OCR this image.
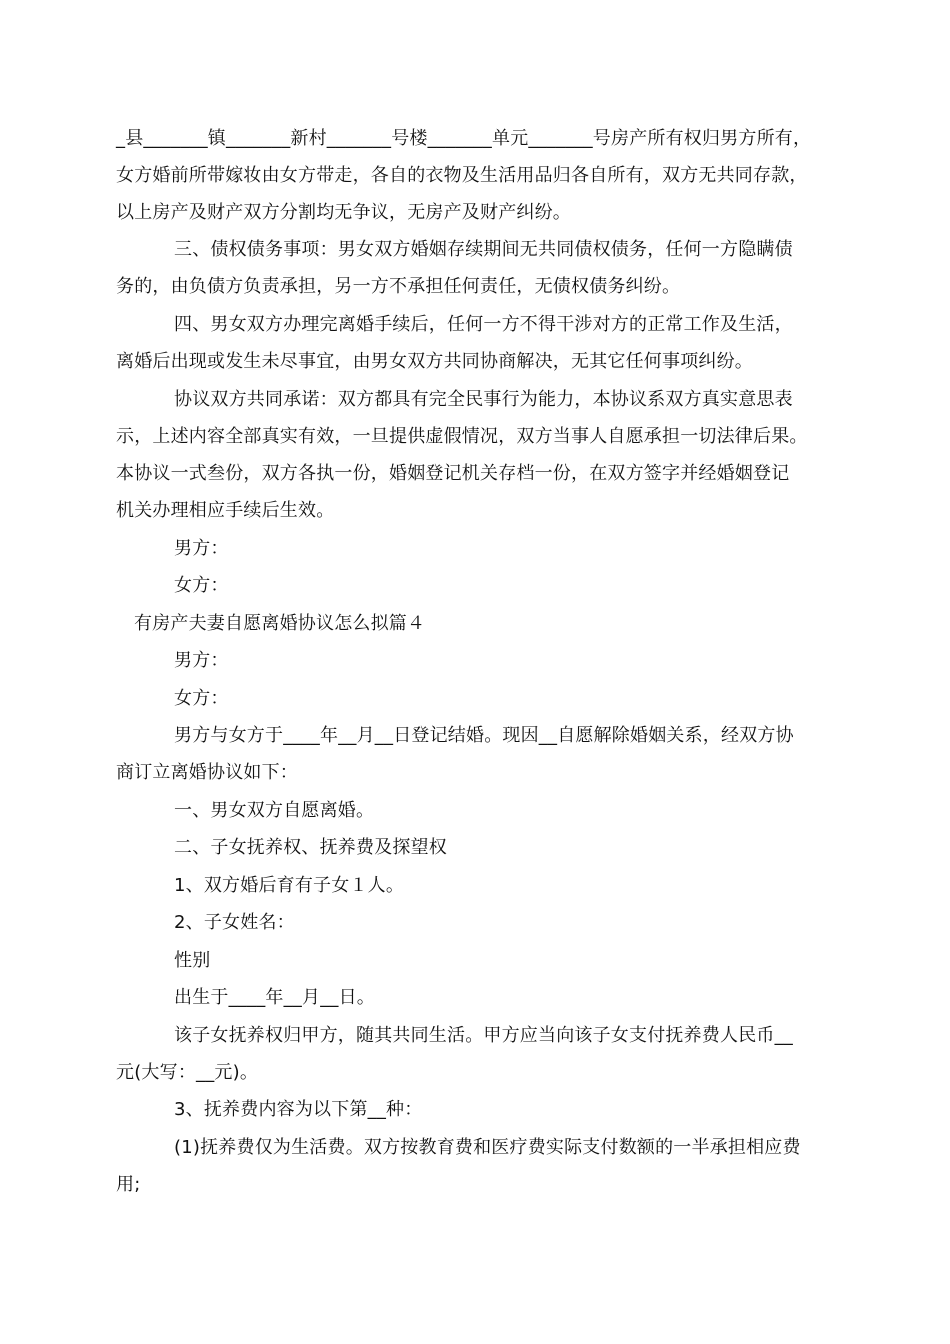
_县_______镇_______新村_______号楼_______单元_______号房产所有权归男方所有，
女方婚前所带嫁妆由女方带走，各自的衣物及生活用品归各自所有，双方无共同存款，
以上房产及财产双方分割均无争议，无房产及财产纠纷。
三、债权债务事项：男女双方婚姻存续期间无共同债权债务，任何一方隐瞒债
务的，由负债方负责承担，另一方不承担任何责任，无债权债务纠纷。
四、男女双方办理完离婚手续后，任何一方不得干涉对方的正常工作及生活，
离婚后出现或发生未尽事宜，由男女双方共同协商解决，无其它任何事项纠纷。
协议双方共同承诺：双方都具有完全民事行为能力，本协议系双方真实意思表
示，上述内容全部真实有效，一旦提供虚假情况，双方当事人自愿承担一切法律后果。
本协议一式叁份，双方各执一份，婚姻登记机关存档一份，在双方签字并经婚姻登记
机关办理相应手续后生效。
男方：
女方：
有房产夫妻自愿离婚协议怎么拟篇４
男方：
女方：
男方与女方于____年__月__日登记结婚。现因__自愿解除婚姻关系，经双方协
商订立离婚协议如下：
一、男女双方自愿离婚。
二、子女抚养权、抚养费及探望权
1、双方婚后育有子女１人。
2、子女姓名：
性别
出生于____年__月__日。
该子女抚养权归甲方，随其共同生活。甲方应当向该子女支付抚养费人民币__
元(大写：__元)。
3、抚养费内容为以下第__种：
(1)抚养费仅为生活费。双方按教育费和医疗费实际支付数额的一半承担相应费
用;
